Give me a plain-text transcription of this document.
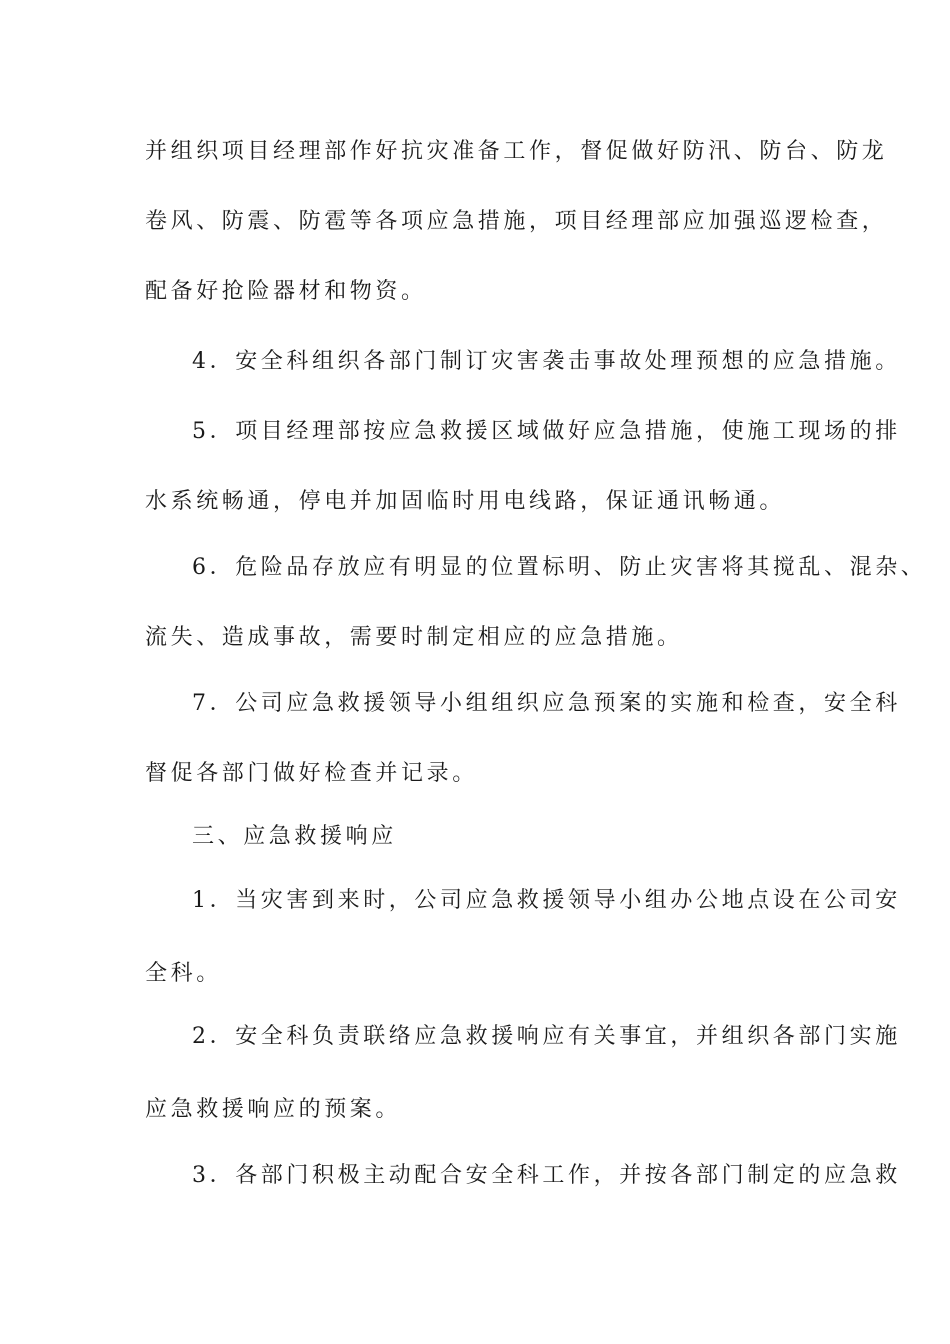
并组织项目经理部作好抗灾准备工作，督促做好防汛、防台、防龙
卷风、防震、防雹等各项应急措施，项目经理部应加强巡逻检查，
配备好抢险器材和物资。
4．安全科组织各部门制订灾害袭击事故处理预想的应急措施。
5．项目经理部按应急救援区域做好应急措施，使施工现场的排
水系统畅通，停电并加固临时用电线路，保证通讯畅通。
6．危险品存放应有明显的位置标明、防止灾害将其搅乱、混杂、
流失、造成事故，需要时制定相应的应急措施。
7．公司应急救援领导小组组织应急预案的实施和检查，安全科
督促各部门做好检查并记录。
三、应急救援响应
1．当灾害到来时，公司应急救援领导小组办公地点设在公司安
全科。
2．安全科负责联络应急救援响应有关事宜，并组织各部门实施
应急救援响应的预案。
3．各部门积极主动配合安全科工作，并按各部门制定的应急救
